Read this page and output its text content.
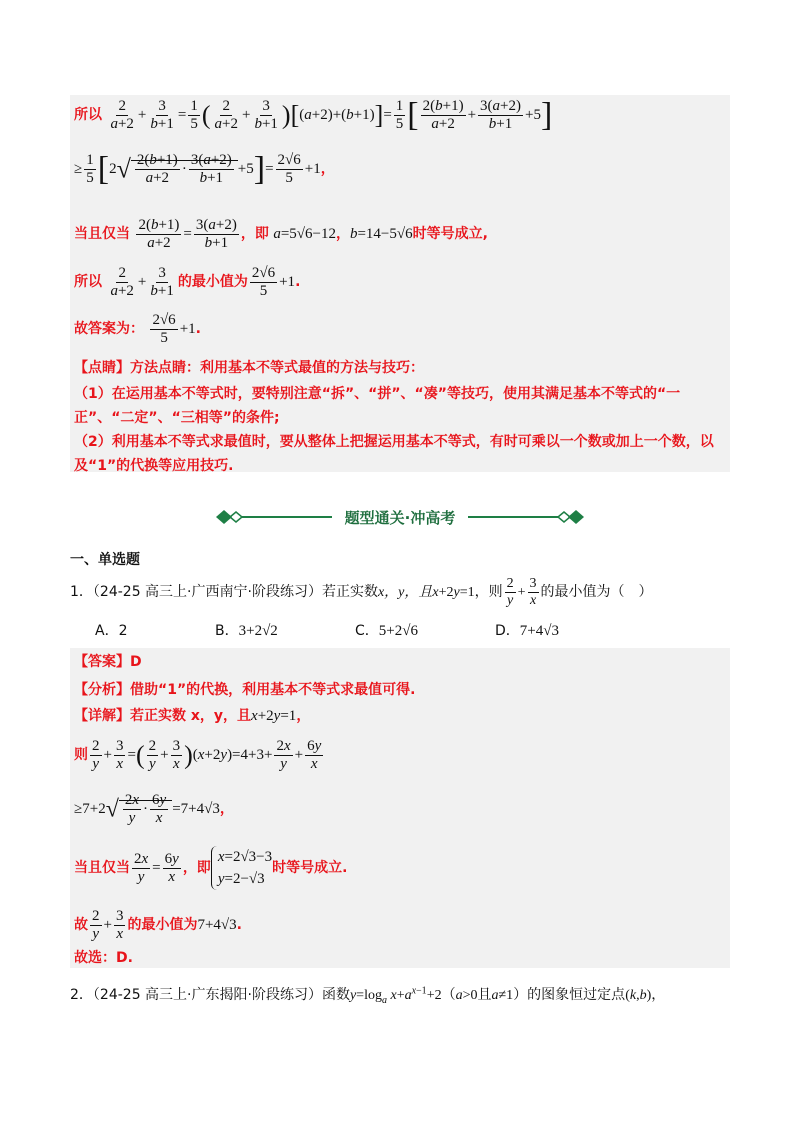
所以 $\frac{2}{a+2} + \frac{3}{b+1} = \frac{1}{5}$ ( $\frac{2}{a+2} + \frac{3}{b+1} )[(a+2)+(b+1)]= \frac{1}{5}$ [ $\frac{2(b+1)}{a+2} + \frac{3(a+2)}{b+1} +5$]
≥ $\frac{1}{5} [2√ \frac{2(b+1)}{a+2} \cdot \frac{3(a+2)}{b+1} +5]= \frac{2√6}{5} +1$，
当且仅当 $\frac{2(b+1)}{a+2} = \frac{3(a+2)}{b+1}$ ，即 a=5√6−12，b=14−5√6时等号成立,
所以 $\frac{2}{a+2} + \frac{3}{b+1}$ 的最小值为 $\frac{2√6}{5} +1$.
故答案为： $\frac{2√6}{5} +1$.
【点睛】方法点睛：利用基本不等式最值的方法与技巧：
（1）在运用基本不等式时，要特别注意“拆”、“拼”、“凑”等技巧，使用其满足基本不等式的“一
正”、“二定”、“三相等”的条件;
（2）利用基本不等式求最值时，要从整体上把握运用基本不等式，有时可乘以一个数或加上一个数，以
及“1”的代换等应用技巧.
题型通关·冲高考
一、单选题
1．（24-25 高三上·广西南宁·阶段练习）若正实数x，y，且x+2y=1，则 $\frac{2}{y} + \frac{3}{x}$ 的最小值为（　）
A．2	B．3+2√2	C．5+2√6	D．7+4√3
【答案】D
【分析】借助“1”的代换，利用基本不等式求最值可得.
【详解】若正实数 x，y，且x+2y=1，
则 $\frac{2}{y} + \frac{3}{x}$ =( $\frac{2}{y} + \frac{3}{x} )(x+2y)=4+3+ \frac{2x}{y} + \frac{6y}{x}$
$\ge 7+2√ \frac{2x}{y} \cdot \frac{6y}{x} =7+4√3$，
当且仅当 $\frac{2x}{y} = \frac{6y}{x}$ ，即
x=2√3−3
y=2−√3
时等号成立.
故 $\frac{2}{y} + \frac{3}{x}$ 的最小值为7+4√3.
故选：D.
2．（24-25 高三上·广东揭阳·阶段练习）函数$y=\log_a$ $x+a^{x-1}+2(a>0$且a≠1）的图象恒过定点(k,b)，
